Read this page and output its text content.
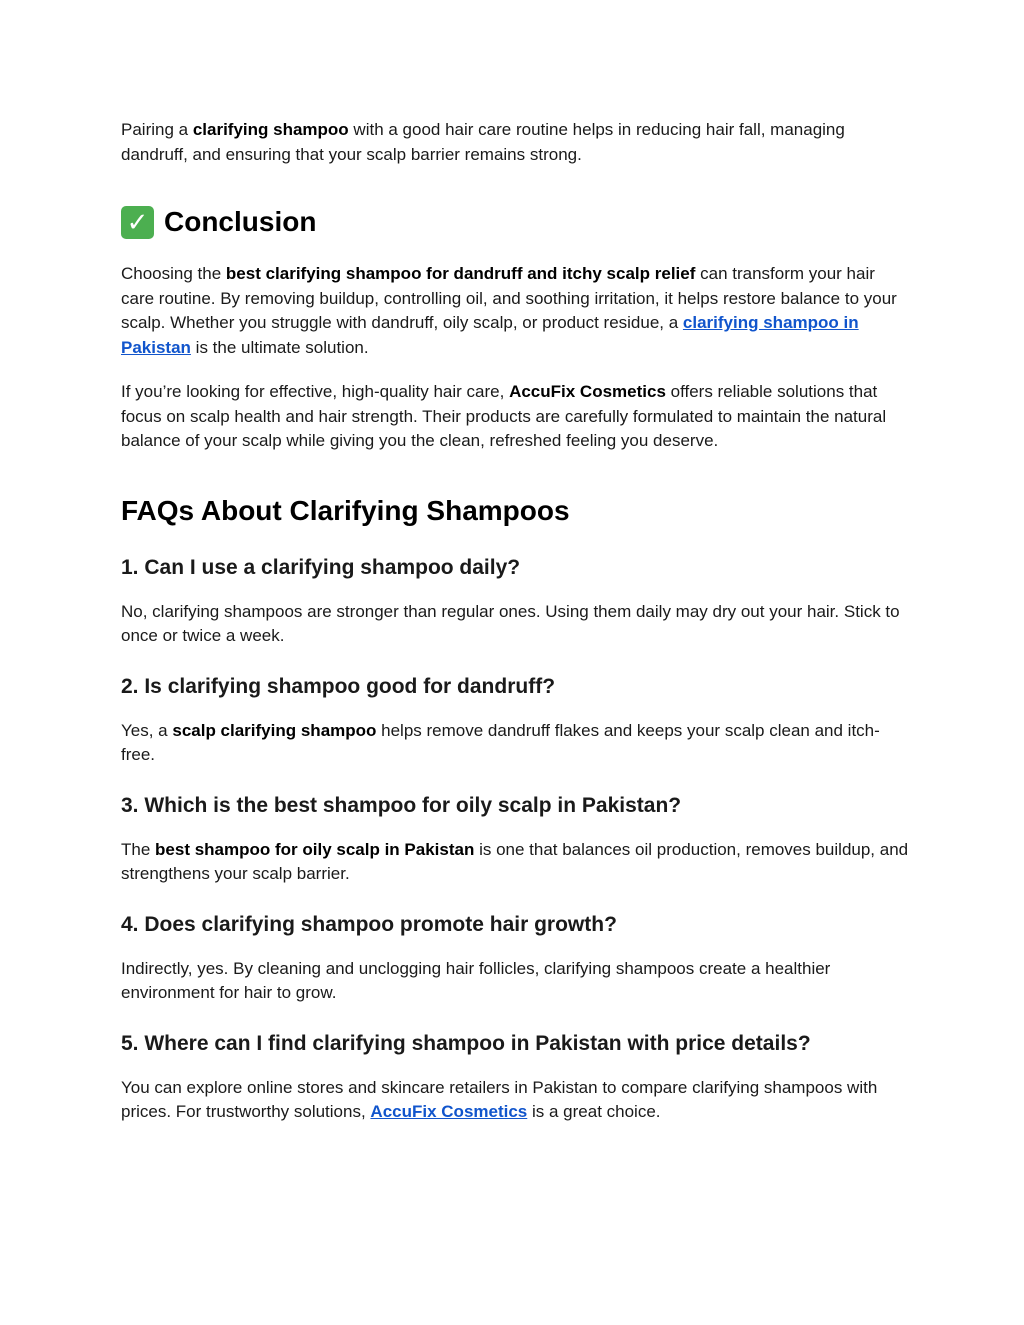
Pairing a clarifying shampoo with a good hair care routine helps in reducing hair fall, managing dandruff, and ensuring that your scalp barrier remains strong.

✓ Conclusion

Choosing the best clarifying shampoo for dandruff and itchy scalp relief can transform your hair care routine. By removing buildup, controlling oil, and soothing irritation, it helps restore balance to your scalp. Whether you struggle with dandruff, oily scalp, or product residue, a clarifying shampoo in Pakistan is the ultimate solution.

If you’re looking for effective, high-quality hair care, AccuFix Cosmetics offers reliable solutions that focus on scalp health and hair strength. Their products are carefully formulated to maintain the natural balance of your scalp while giving you the clean, refreshed feeling you deserve.

FAQs About Clarifying Shampoos
1. Can I use a clarifying shampoo daily?

No, clarifying shampoos are stronger than regular ones. Using them daily may dry out your hair. Stick to once or twice a week.

2. Is clarifying shampoo good for dandruff?

Yes, a scalp clarifying shampoo helps remove dandruff flakes and keeps your scalp clean and itch-free.

3. Which is the best shampoo for oily scalp in Pakistan?

The best shampoo for oily scalp in Pakistan is one that balances oil production, removes buildup, and strengthens your scalp barrier.

4. Does clarifying shampoo promote hair growth?

Indirectly, yes. By cleaning and unclogging hair follicles, clarifying shampoos create a healthier environment for hair to grow.

5. Where can I find clarifying shampoo in Pakistan with price details?

You can explore online stores and skincare retailers in Pakistan to compare clarifying shampoos with prices. For trustworthy solutions, AccuFix Cosmetics is a great choice.
